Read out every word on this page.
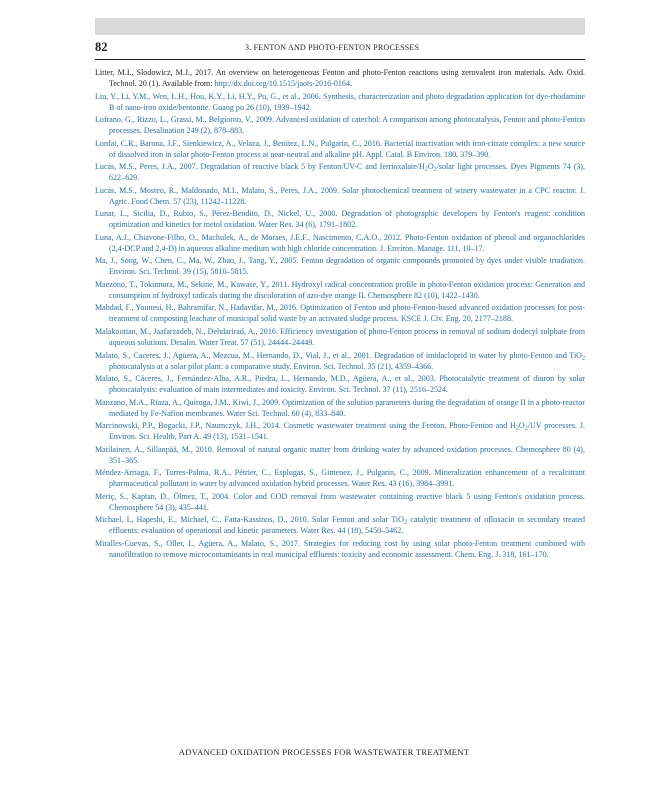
82	3. FENTON AND PHOTO-FENTON PROCESSES
Litter, M.I., Slodowicz, M.J., 2017. An overview on heterogeneous Fenton and photo-Fenton reactions using zerovalent iron materials. Adv. Oxid. Technol. 20 (1). Available from: http://dx.doi.org/10.1515/jaots-2016-0164.
Liu, Y., Li, Y.M., Wen, L.H., Hou, K.Y., Li, H.Y., Pu, G., et al., 2006. Synthesis, characterization and photo degradation application for dye-rhodamine B of nano-iron oxide/bentonite. Guang pu 26 (10), 1939–1942.
Lofrano, G., Rizzo, L., Grassi, M., Belgiorno, V., 2009. Advanced oxidation of catechol: A comparison among photocatalysis, Fenton and photo-Fenton processes. Desalination 249 (2), 878–883.
Lonfat, C.R., Barona, J.F., Sienkiewicz, A., Velaza, J., Benitez, L.N., Pulgarin, C., 2016. Bacterial inactivation with iron-citrate complex: a new source of dissolved iron in solar photo-Fenton process at near-neutral and alkaline pH. Appl. Catal. B Environ. 180, 379–390.
Lucas, M.S., Peres, J.A., 2007. Degradation of reactive black 5 by Fenton/UV-C and ferrioxalate/$H_2O_2$/solar light processes. Dyes Pigments 74 (3), 622–629.
Lucas, M.S., Mosteo, R., Maldonado, M.I., Malato, S., Peres, J.A., 2009. Solar photochemical treatment of winery wastewater in a CPC reactor. J. Agric. Food Chem. 57 (23), 11242–11228.
Lunar, L., Sicilia, D., Rubio, S., Pérez-Bendito, D., Nickel, U., 2000. Degradation of photographic developers by Fenton's reagent: condition optimization and kinetics for metol oxidation. Water Res. 34 (6), 1791–1802.
Luna, A.J., Chiavone-Filho, O., Machulek, A., de Moraes, J.E.F., Nascimento, C.A.O., 2012. Photo-Fenton oxidation of phenol and organochlorides (2,4-DCP and 2,4-D) in aqueous alkaline medium with high chloride concentration. J. Environ. Manage. 111, 10–17.
Ma, J., Song, W., Chen, C., Ma, W., Zhao, J., Tang, Y., 2005. Fenton degradation of organic compounds promoted by dyes under visible irradiation. Environ. Sci. Technol. 39 (15), 5810–5815.
Maezono, T., Tokumura, M., Sekine, M., Kawase, Y., 2011. Hydroxyl radical concentration profile in photo-Fenton oxidation process: Generation and consumption of hydroxyl radicals during the discoloration of azo-dye orange II. Chemosphere 82 (10), 1422–1430.
Mahdad, F., Younesi, H., Bahramifar, N., Hadavifar, M., 2016. Optimization of Fenton and photo-Fenton-based advanced oxidation processes for post-treatment of composting leachate of municipal solid waste by an activated sludge process. KSCE J. Civ. Eng. 20, 2177–2188.
Malakootian, M., Jaafarzadeh, N., Dehdarirad, A., 2016. Efficiency investigation of photo-Fenton process in removal of sodium dodecyl sulphate from aqueous solutions. Desalin. Water Treat. 57 (51), 24444–24449.
Malato, S., Caceres, J., Agüera, A., Mezcua, M., Hernando, D., Vial, J., et al., 2001. Degradation of imidacloprid in water by photo-Fenton and TiO$_2$ photocatalysis at a solar pilot plant: a comparative study. Environ. Sci. Technol. 35 (21), 4359–4366.
Malato, S., Cáceres, J., Fernández-Alba, A.R., Piedra, L., Hernando, M.D., Agüera, A., et al., 2003. Photocatalytic treatment of diuron by solar photocatalysis: evaluation of main intermediates and toxicity. Environ. Sci. Technol. 37 (11), 2516–2524.
Manzano, M.A., Riaza, A., Quiroga, J.M., Kiwi, J., 2009. Optimization of the solution parameters during the degradation of orange II in a photo-reactor mediated by Fe-Nafion membranes. Water Sci. Technol. 60 (4), 833–840.
Marcinowski, P.P., Bogacki, J.P., Naumczyk, J.H., 2014. Cosmetic wastewater treatment using the Fenton, Photo-Fenton and $H_2O_2/UV$ processes. J. Environ. Sci. Health, Part A. 49 (13), 1531–1541.
Matilainen, A., Sillanpää, M., 2010. Removal of natural organic matter from drinking water by advanced oxidation processes. Chemosphere 80 (4), 351–365.
Méndez-Arriaga, F., Torres-Palma, R.A., Pétrier, C., Esplugas, S., Gimenez, J., Pulgarin, C., 2009. Mineralization enhancement of a recalcitrant pharmaceutical pollutant in water by advanced oxidation hybrid processes. Water Res. 43 (16), 3984–3991.
Meriç, S., Kaptan, D., Ölmez, T., 2004. Color and COD removal from wastewater containing reactive black 5 using Fenton's oxidation process. Chemosphere 54 (3), 435–441.
Michael, I., Hapeshi, E., Michael, C., Fatta-Kassinos, D., 2010. Solar Fenton and solar TiO$_2$ catalytic treatment of ofloxacin in secondary treated effluents: evaluation of operational and kinetic parameters. Water Res. 44 (18), 5450–5462.
Miralles-Cuevas, S., Oller, I., Agüera, A., Malato, S., 2017. Strategies for reducing cost by using solar photo-Fenton treatment combined with nanofiltration to remove microcontaminants in real municipal effluents: toxicity and economic assessment. Chem. Eng. J. 318, 161–170.
ADVANCED OXIDATION PROCESSES FOR WASTEWATER TREATMENT
